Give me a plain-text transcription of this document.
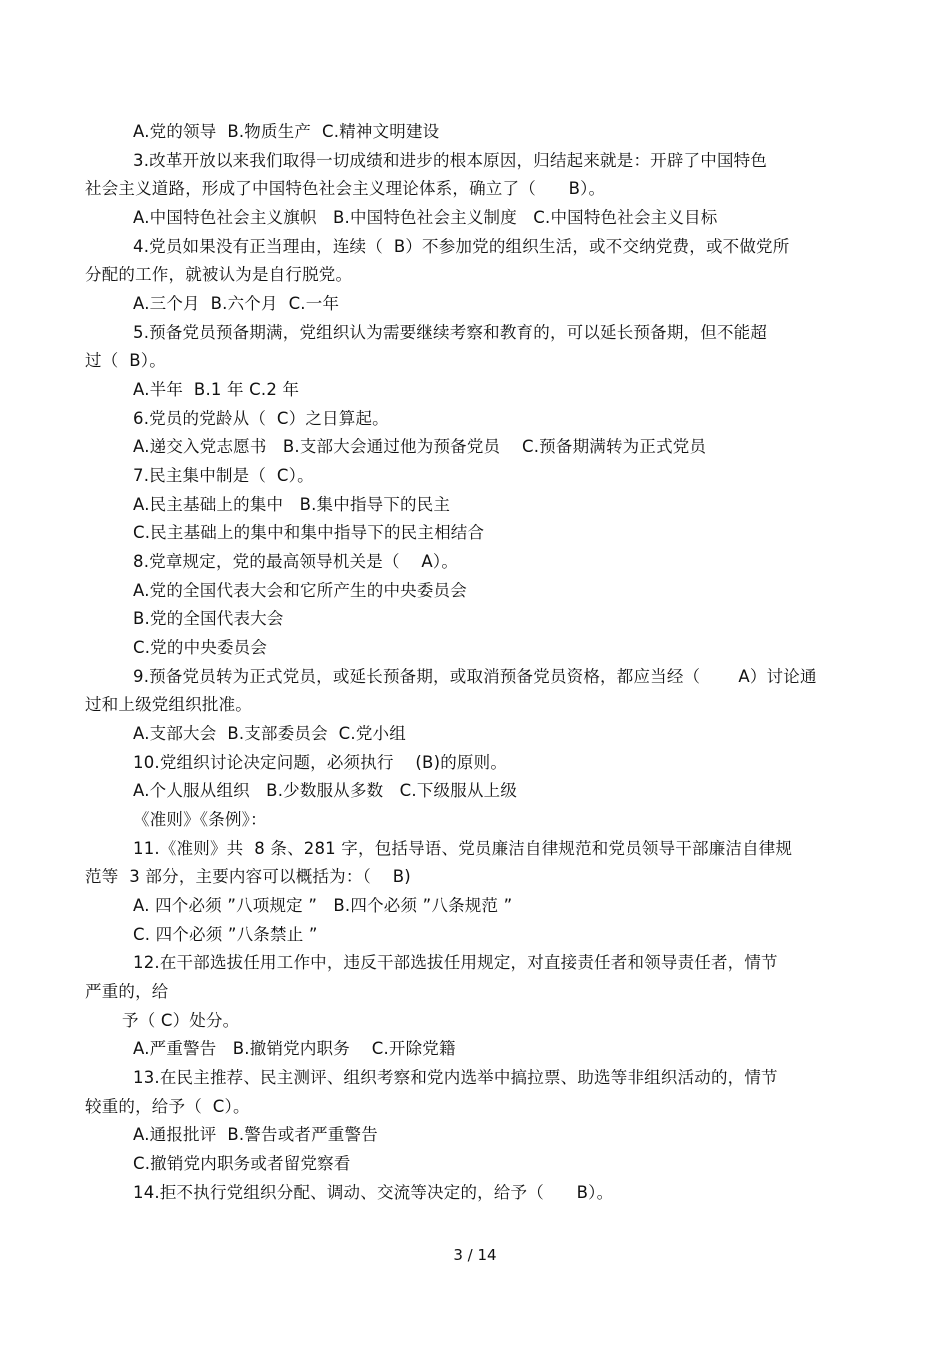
A.党的领导  B.物质生产  C.精神文明建设
3.改革开放以来我们取得一切成绩和进步的根本原因，归结起来就是：开辟了中国特色
社会主义道路，形成了中国特色社会主义理论体系，确立了（      B）。
A.中国特色社会主义旗帜   B.中国特色社会主义制度   C.中国特色社会主义目标
4.党员如果没有正当理由，连续（  B）不参加党的组织生活，或不交纳党费，或不做党所
分配的工作，就被认为是自行脱党。
A.三个月  B.六个月  C.一年
5.预备党员预备期满，党组织认为需要继续考察和教育的，可以延长预备期，但不能超
过（  B）。
A.半年  B.1 年 C.2 年
6.党员的党龄从（  C）之日算起。
A.递交入党志愿书   B.支部大会通过他为预备党员    C.预备期满转为正式党员
7.民主集中制是（  C）。
A.民主基础上的集中   B.集中指导下的民主
C.民主基础上的集中和集中指导下的民主相结合
8.党章规定，党的最高领导机关是（    A）。
A.党的全国代表大会和它所产生的中央委员会
B.党的全国代表大会
C.党的中央委员会
9.预备党员转为正式党员，或延长预备期，或取消预备党员资格，都应当经（       A）讨论通
过和上级党组织批准。
A.支部大会  B.支部委员会  C.党小组
10.党组织讨论决定问题，必须执行    (B)的原则。
A.个人服从组织   B.少数服从多数   C.下级服从上级
《准则》《条例》：
11.《准则》共  8 条、281 字，包括导语、党员廉洁自律规范和党员领导干部廉洁自律规
范等  3 部分，主要内容可以概括为：（    B)
A. 四个必须 ”八项规定 ”   B.四个必须 ”八条规范 ”
C. 四个必须 ”八条禁止 ”
12.在干部选拔任用工作中，违反干部选拔任用规定，对直接责任者和领导责任者，情节
严重的，给
予（ C）处分。
A.严重警告   B.撤销党内职务    C.开除党籍
13.在民主推荐、民主测评、组织考察和党内选举中搞拉票、助选等非组织活动的，情节
较重的，给予（  C）。
A.通报批评  B.警告或者严重警告
C.撤销党内职务或者留党察看
14.拒不执行党组织分配、调动、交流等决定的，给予（      B）。
3 / 14
